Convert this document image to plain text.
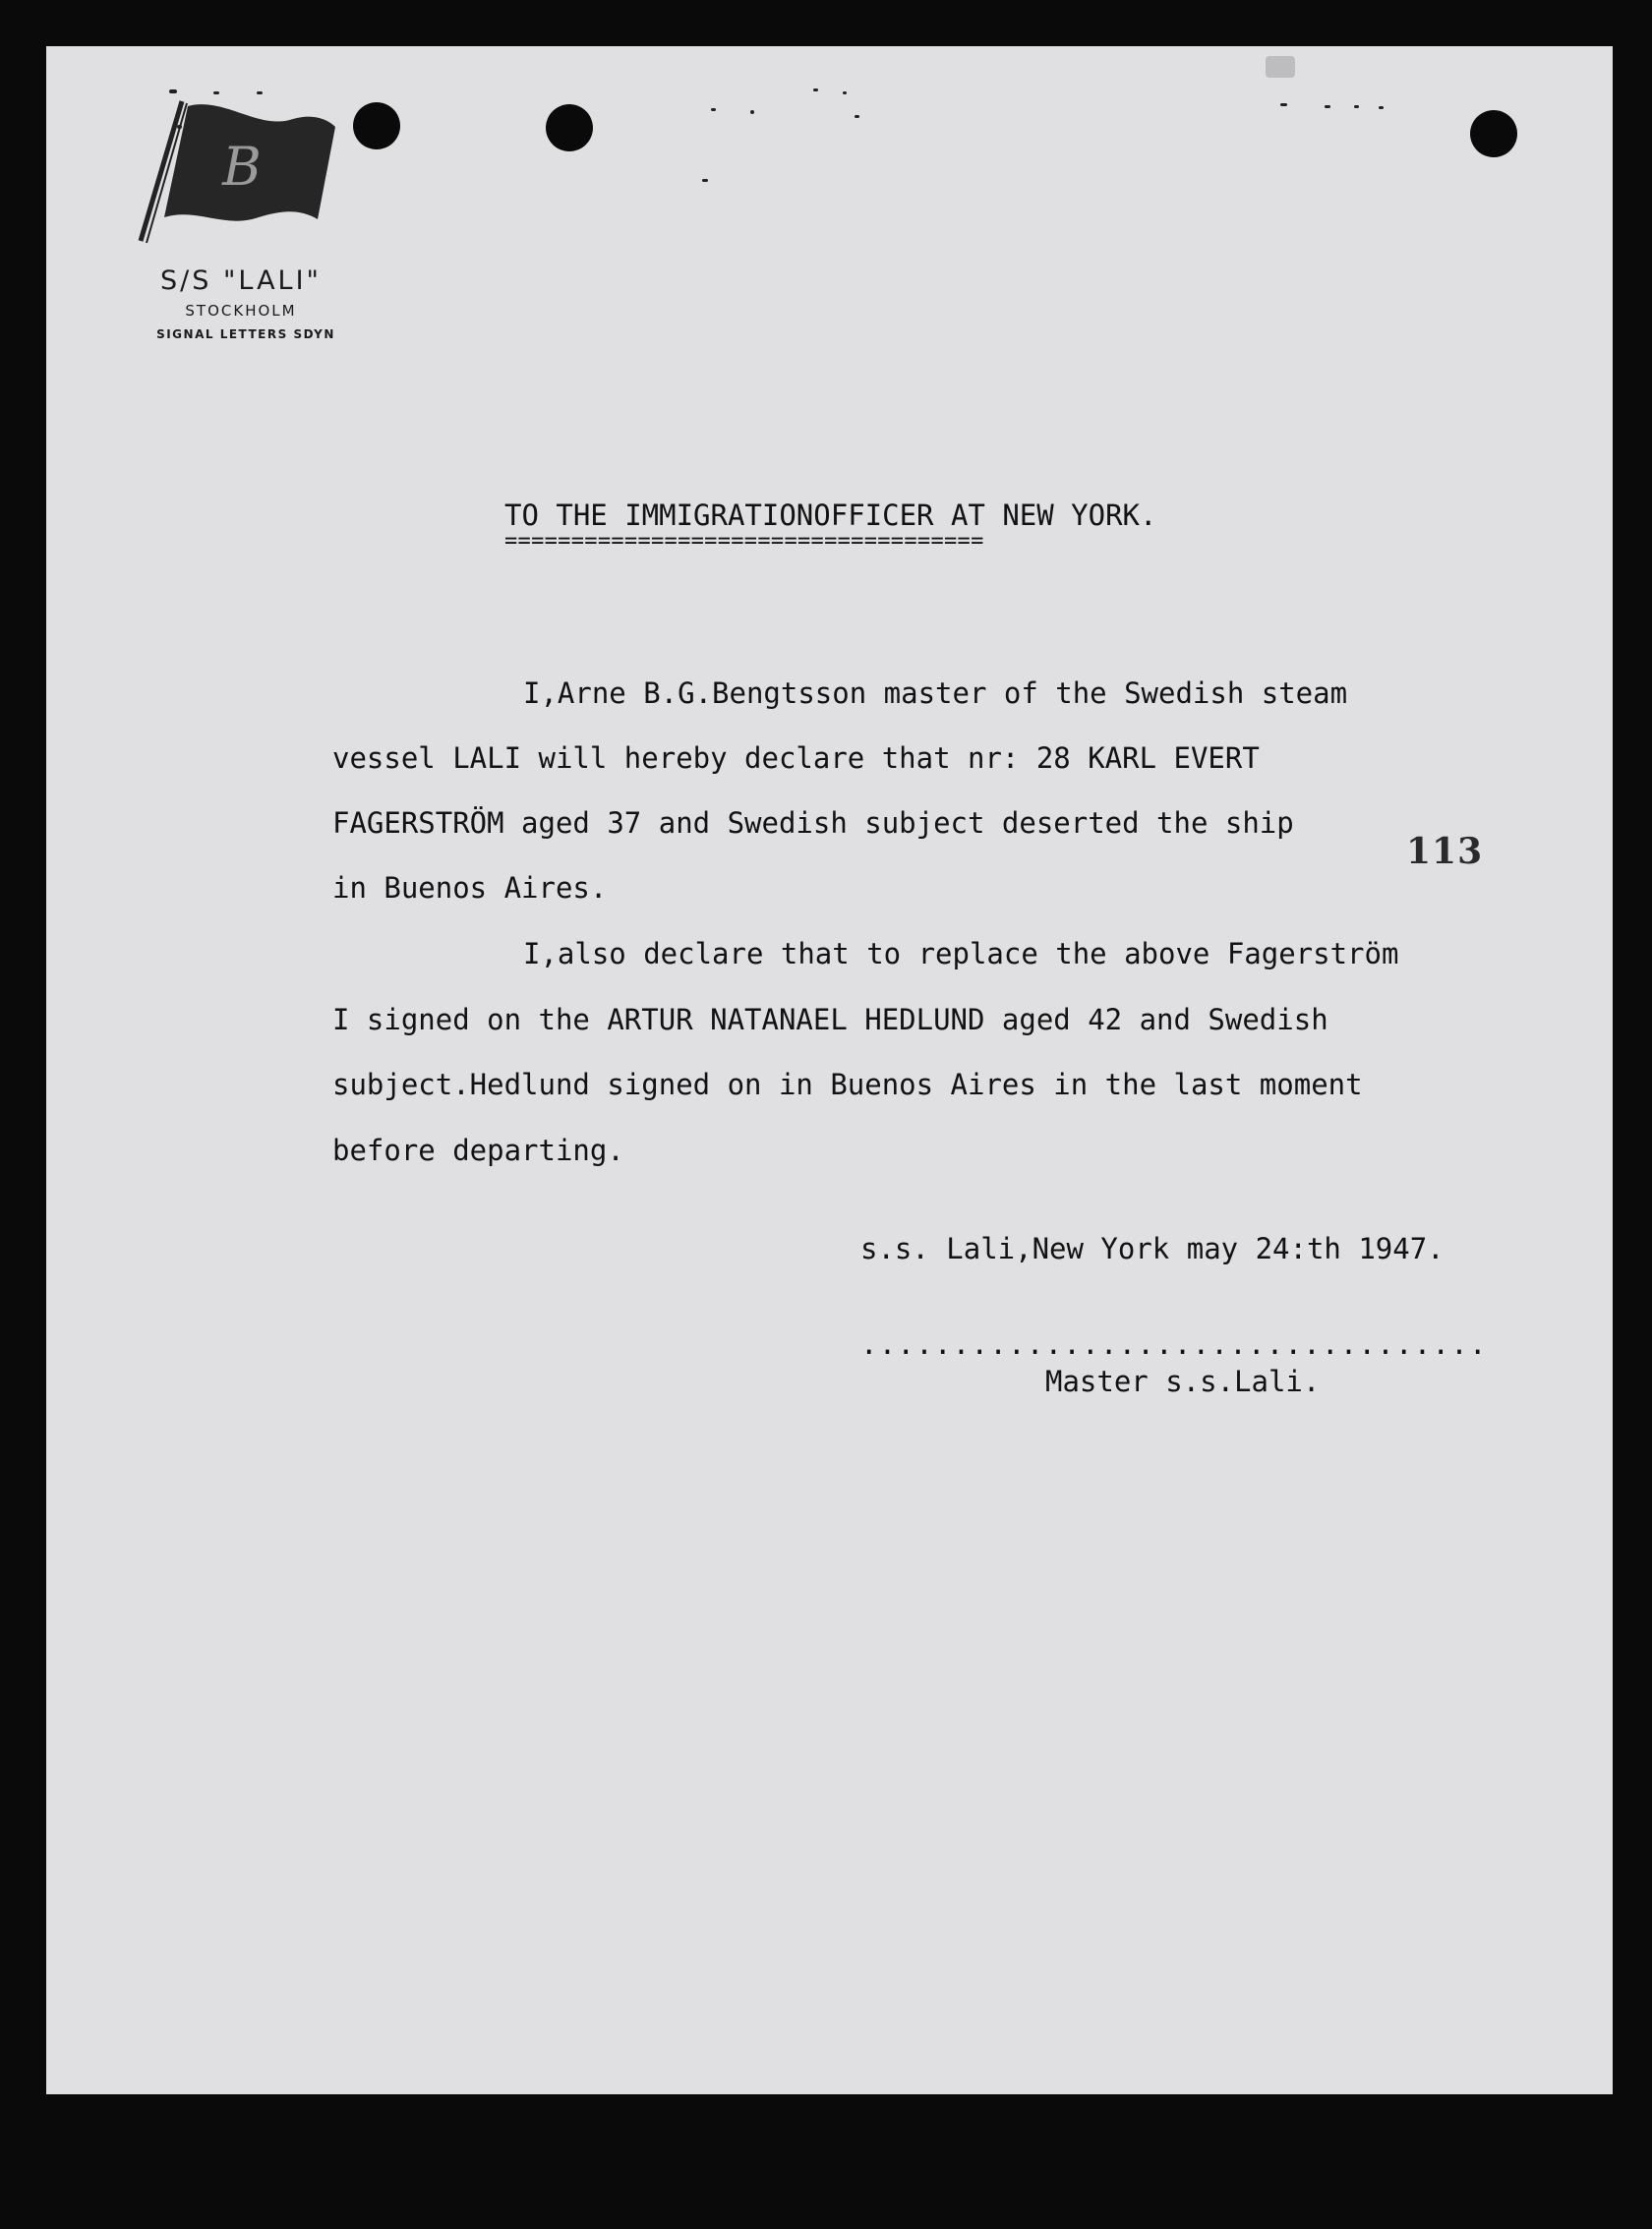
B
S/S "LALI"
STOCKHOLM
SIGNAL LETTERS SDYN
TO THE IMMIGRATIONOFFICER AT NEW YORK.
====================================
I,Arne B.G.Bengtsson master of the Swedish steam
vessel LALI will hereby declare that nr: 28 KARL EVERT
FAGERSTRÖM aged 37 and Swedish subject deserted the ship
in Buenos Aires.
I,also declare that to replace the above Fagerström
I signed on the ARTUR NATANAEL HEDLUND aged 42 and Swedish
subject.Hedlund signed on in Buenos Aires in the last moment
before departing.
s.s. Lali,New York may 24:th 1947.
..................................
Master s.s.Lali.
113
